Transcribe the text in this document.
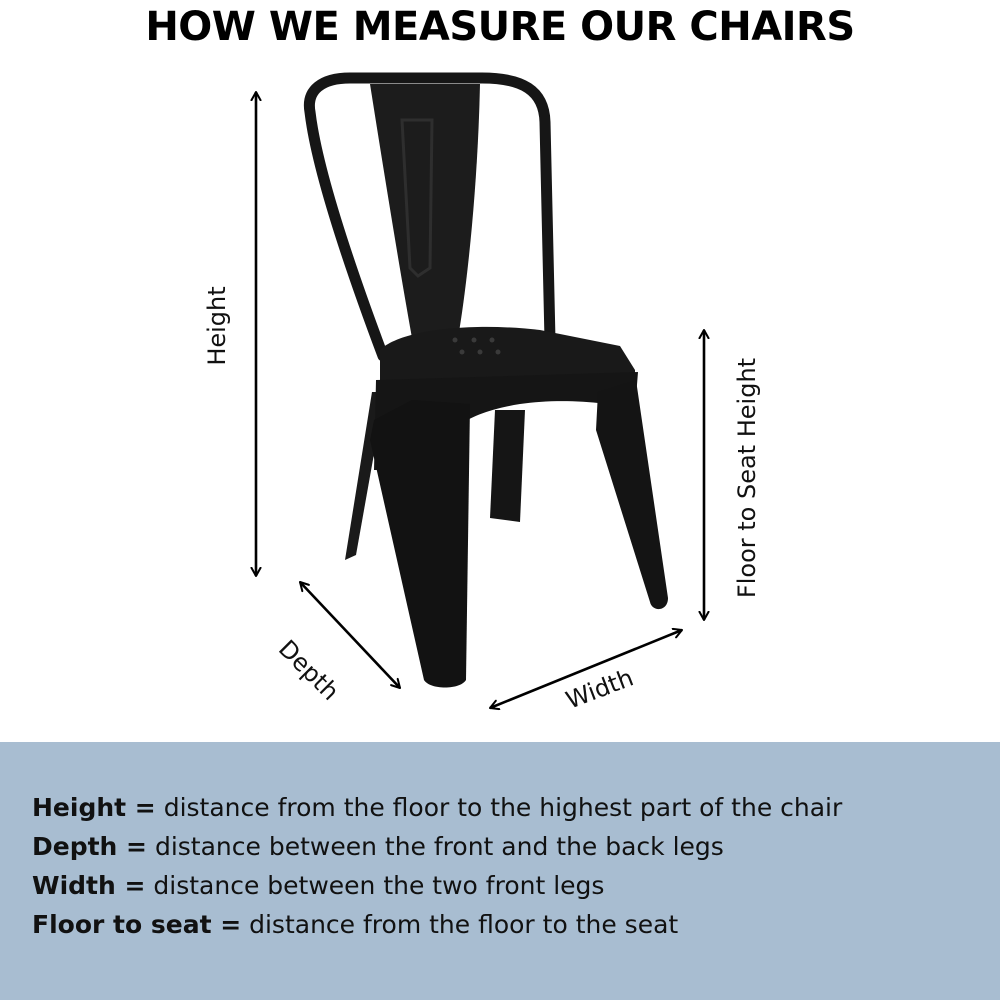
Height
Floor to Seat Height
Depth	Width
HOW WE MEASURE OUR CHAIRS
Height = distance from the floor to the highest part of the chair
Depth = distance between the front and the back legs
Width = distance between the two front legs
Floor to seat = distance from the floor to the seat
